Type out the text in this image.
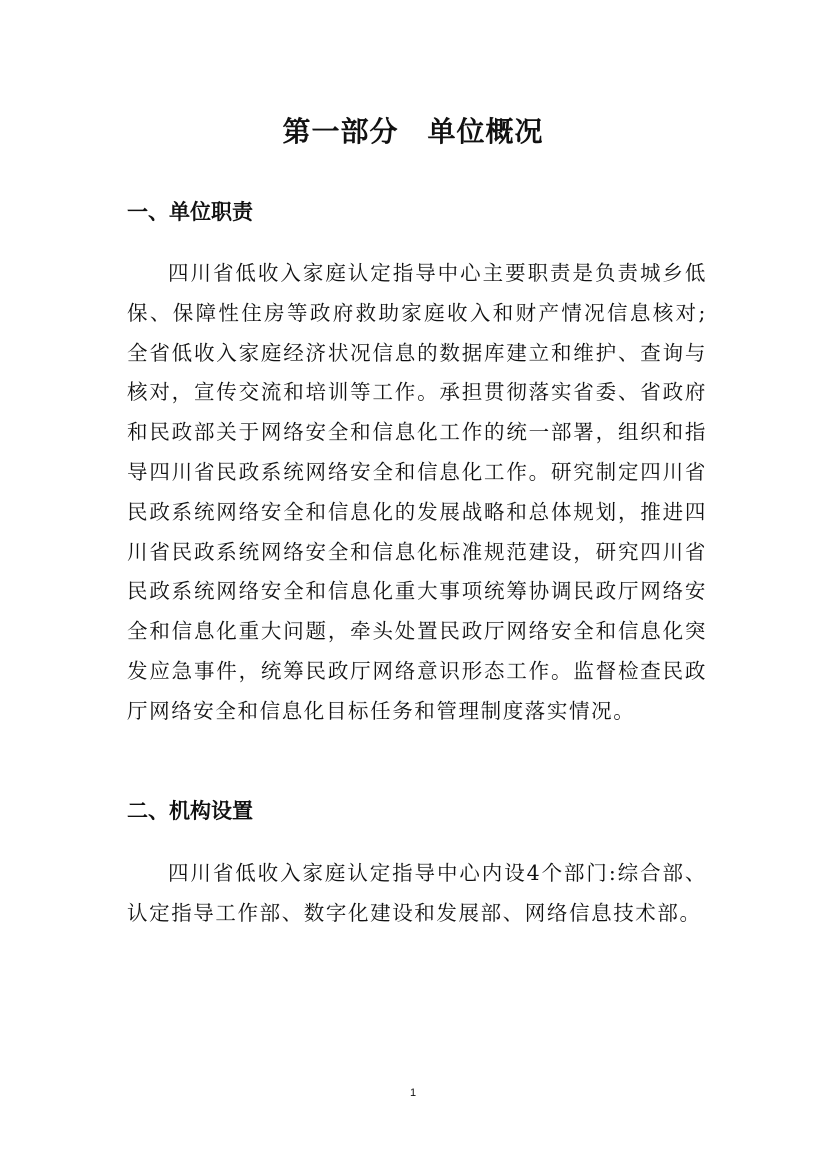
第一部分　单位概况
一、单位职责
四川省低收入家庭认定指导中心主要职责是负责城乡低保、保障性住房等政府救助家庭收入和财产情况信息核对;全省低收入家庭经济状况信息的数据库建立和维护、查询与核对，宣传交流和培训等工作。承担贯彻落实省委、省政府和民政部关于网络安全和信息化工作的统一部署，组织和指导四川省民政系统网络安全和信息化工作。研究制定四川省民政系统网络安全和信息化的发展战略和总体规划，推进四川省民政系统网络安全和信息化标准规范建设，研究四川省民政系统网络安全和信息化重大事项统筹协调民政厅网络安全和信息化重大问题，牵头处置民政厅网络安全和信息化突发应急事件，统筹民政厅网络意识形态工作。监督检查民政厅网络安全和信息化目标任务和管理制度落实情况。
二、机构设置
四川省低收入家庭认定指导中心内设4个部门:综合部、认定指导工作部、数字化建设和发展部、网络信息技术部。
1
